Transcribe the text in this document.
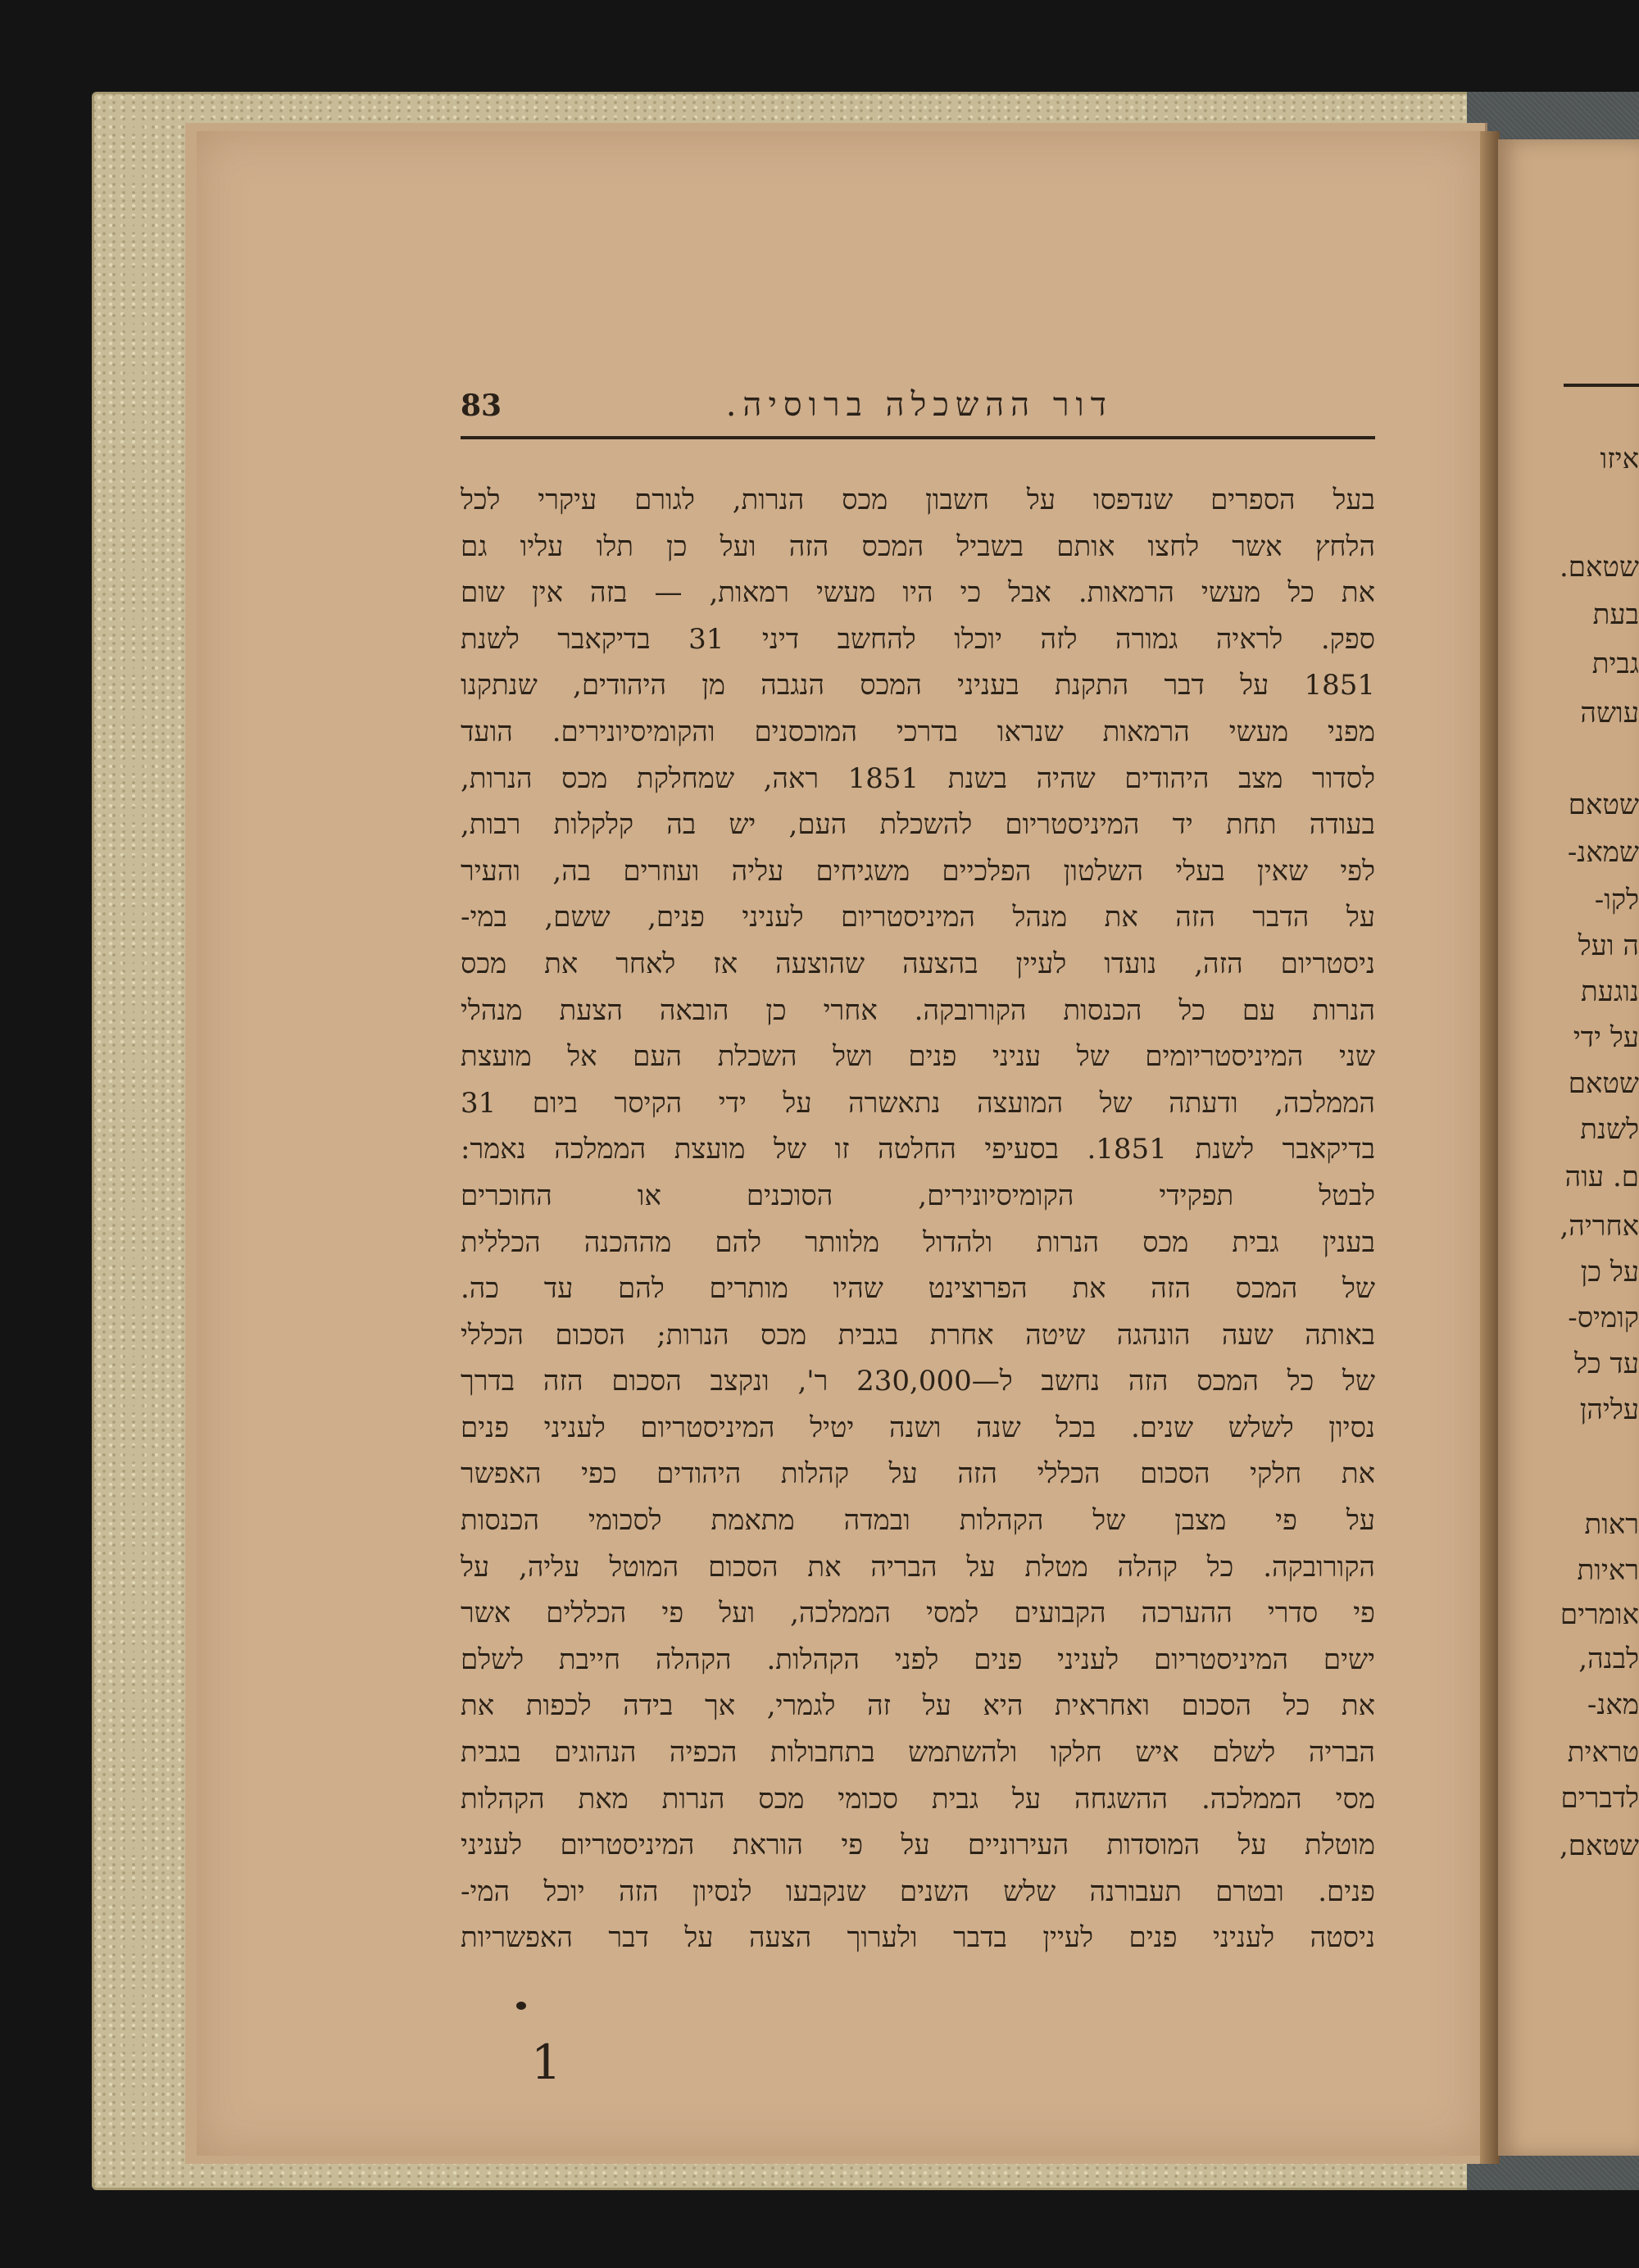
83	דור ההשכלה ברוסיה.
בעל הספרים שנדפסו על חשבון מכס הנרות, לגורם עיקרי לכל
הלחץ אשר לחצו אותם בשביל המכס הזה ועל כן תלו עליו גם
את כל מעשי הרמאות. אבל כי היו מעשי רמאות, — בזה אין שום
ספק. לראיה גמורה לזה יוכלו להחשב דיני 31 בדיקאבר לשנת
1851 על דבר התקנת בעניני המכס הנגבה מן היהודים, שנתקנו
מפני מעשי הרמאות שנראו בדרכי המוכסנים והקומיסיונירים. הועד
לסדור מצב היהודים שהיה בשנת 1851 ראה, שמחלקת מכס הנרות,
בעודה תחת יד המיניסטריום להשכלת העם, יש בה קלקלות רבות,
לפי שאין בעלי השלטון הפלכיים משגיחים עליה ועוזרים בה, והעיר
על הדבר הזה את מנהל המיניסטריום לעניני פנים, ששם, במי-
ניסטריום הזה, נועדו לעיין בהצעה שהוצעה אז לאחר את מכס
הנרות עם כל הכנסות הקורובקה. אחרי כן הובאה הצעת מנהלי
שני המיניסטריומים של עניני פנים ושל השכלת העם אל מועצת
הממלכה, ודעתה של המועצה נתאשרה על ידי הקיסר ביום 31
בדיקאבר לשנת 1851. בסעיפי החלטה זו של מועצת הממלכה נאמר:
לבטל תפקידי הקומיסיונירים, הסוכנים או החוכרים
בענין גבית מכס הנרות ולהדול מלוותר להם מההכנה הכללית
של המכס הזה את הפרוצינט שהיו מותרים להם עד כה.
באותה שעה הונהגה שיטה אחרת בגבית מכס הנרות; הסכום הכללי
של כל המכס הזה נחשב ל—230,000 ר', ונקצב הסכום הזה בדרך
נסיון לשלש שנים. בכל שנה ושנה יטיל המיניסטריום לעניני פנים
את חלקי הסכום הכללי הזה על קהלות היהודים כפי האפשר
על פי מצבן של הקהלות ובמדה מתאמת לסכומי הכנסות
הקורובקה. כל קהלה מטלת על הבריה את הסכום המוטל עליה, על
פי סדרי ההערכה הקבועים למסי הממלכה, ועל פי הכללים אשר
ישים המיניסטריום לעניני פנים לפני הקהלות. הקהלה חייבת לשלם
את כל הסכום ואחראית היא על זה לגמרי, אך בידה לכפות את
הבריה לשלם איש חלקו ולהשתמש בתחבולות הכפיה הנהוגים בגבית
מסי הממלכה. ההשגחה על גבית סכומי מכס הנרות מאת הקהלות
מוטלת על המוסדות העירוניים על פי הוראת המיניסטריום לעניני
פנים. ובטרם תעבורנה שלש השנים שנקבעו לנסיון הזה יוכל המי-
ניסטה לעניני פנים לעיין בדבר ולערוך הצעה על דבר האפשריות
1
איזו
שטאם.
בעת
גבית
עושה
שטאם
שמאנ-
לקו-
ה ועל
נוגעת
על ידי
שטאם
לשנת
ם. עוה
אחריה,
על כן
קומיס-
עד כל
עליהן
ראות
ראיות
אומרים
לבנה,
מאנ-
טראית
לדברים
שטאם,
